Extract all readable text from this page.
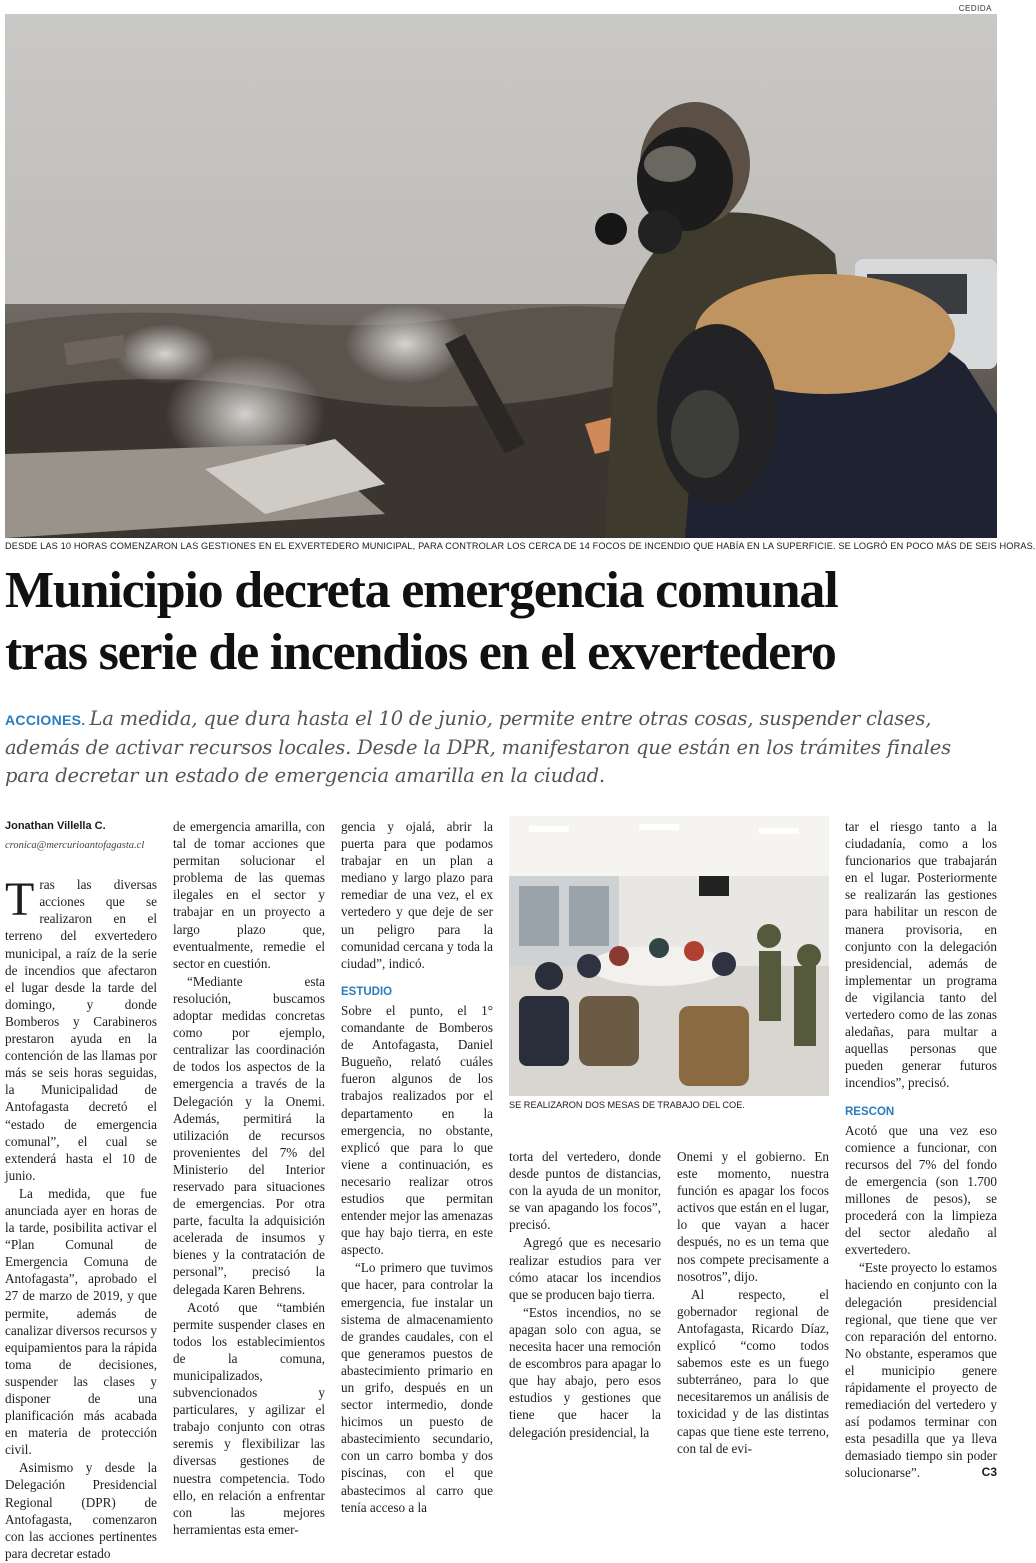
CEDIDA
DESDE LAS 10 HORAS COMENZARON LAS GESTIONES EN EL EXVERTEDERO MUNICIPAL, PARA CONTROLAR LOS CERCA DE 14 FOCOS DE INCENDIO QUE HABÍA EN LA SUPERFICIE. SE LOGRÓ EN POCO MÁS DE SEIS HORAS.
Municipio decreta emergencia comunal
tras serie de incendios en el exvertedero
ACCIONES. La medida, que dura hasta el 10 de junio, permite entre otras cosas, suspender clases, además de activar recursos locales. Desde la DPR, manifestaron que están en los trámites finales para decretar un estado de emergencia amarilla en la ciudad.
Jonathan Villella C.
cronica@mercurioantofagasta.cl

Tras las diversas acciones que se realizaron en el terreno del exvertedero municipal, a raíz de la serie de incendios que afectaron el lugar desde la tarde del domingo, y donde Bomberos y Carabineros prestaron ayuda en la contención de las llamas por más se seis horas seguidas, la Municipalidad de Antofagasta decretó el “estado de emergencia comunal”, el cual se extenderá hasta el 10 de junio.

La medida, que fue anunciada ayer en horas de la tarde, posibilita activar el “Plan Comunal de Emergencia Comuna de Antofagasta”, aprobado el 27 de marzo de 2019, y que permite, además de canalizar diversos recursos y equipamientos para la rápida toma de decisiones, suspender las clases y disponer de una planificación más acabada en materia de protección civil.

Asimismo y desde la Delegación Presidencial Regional (DPR) de Antofagasta, comenzaron con las acciones pertinentes para decretar estado

de emergencia amarilla, con tal de tomar acciones que permitan solucionar el problema de las quemas ilegales en el sector y trabajar en un proyecto a largo plazo que, eventualmente, remedie el sector en cuestión.

“Mediante esta resolución, buscamos adoptar medidas concretas como por ejemplo, centralizar las coordinación de todos los aspectos de la emergencia a través de la Delegación y la Onemi. Además, permitirá la utilización de recursos provenientes del 7% del Ministerio del Interior reservado para situaciones de emergencias. Por otra parte, faculta la adquisición acelerada de insumos y bienes y la contratación de personal”, precisó la delegada Karen Behrens.

Acotó que “también permite suspender clases en todos los establecimientos de la comuna, municipalizados, subvencionados y particulares, y agilizar el trabajo conjunto con otras seremis y flexibilizar las diversas gestiones de nuestra competencia. Todo ello, en relación a enfrentar con las mejores herramientas esta emer-

gencia y ojalá, abrir la puerta para que podamos trabajar en un plan a mediano y largo plazo para remediar de una vez, el ex vertedero y que deje de ser un peligro para la comunidad cercana y toda la ciudad”, indicó.

ESTUDIO

Sobre el punto, el 1° comandante de Bomberos de Antofagasta, Daniel Bugueño, relató cuáles fueron algunos de los trabajos realizados por el departamento en la emergencia, no obstante, explicó que para lo que viene a continuación, es necesario realizar otros estudios que permitan entender mejor las amenazas que hay bajo tierra, en este aspecto.

“Lo primero que tuvimos que hacer, para controlar la emergencia, fue instalar un sistema de almacenamiento de grandes caudales, con el que generamos puestos de abastecimiento primario en un grifo, después en un sector intermedio, donde hicimos un puesto de abastecimiento secundario, con un carro bomba y dos piscinas, con el que abastecimos al carro que tenía acceso a la

SE REALIZARON DOS MESAS DE TRABAJO DEL COE.

torta del vertedero, donde desde puntos de distancias, con la ayuda de un monitor, se van apagando los focos”, precisó.

Agregó que es necesario realizar estudios para ver cómo atacar los incendios que se producen bajo tierra.

“Estos incendios, no se apagan solo con agua, se necesita hacer una remoción de escombros para apagar lo que hay abajo, pero esos estudios y gestiones que tiene que hacer la delegación presidencial, la

Onemi y el gobierno. En este momento, nuestra función es apagar los focos activos que están en el lugar, lo que vayan a hacer después, no es un tema que nos compete precisamente a nosotros”, dijo.

Al respecto, el gobernador regional de Antofagasta, Ricardo Díaz, explicó “como todos sabemos este es un fuego subterráneo, para lo que necesitaremos un análisis de toxicidad y de las distintas capas que tiene este terreno, con tal de evi-

tar el riesgo tanto a la ciudadanía, como a los funcionarios que trabajarán en el lugar. Posteriormente se realizarán las gestiones para habilitar un rescon de manera provisoria, en conjunto con la delegación presidencial, además de implementar un programa de vigilancia tanto del vertedero como de las zonas aledañas, para multar a aquellas personas que pueden generar futuros incendios”, precisó.

RESCON

Acotó que una vez eso comience a funcionar, con recursos del 7% del fondo de emergencia (son 1.700 millones de pesos), se procederá con la limpieza del sector aledaño al exvertedero.

“Este proyecto lo estamos haciendo en conjunto con la delegación presidencial regional, que tiene que ver con reparación del entorno. No obstante, esperamos que el municipio genere rápidamente el proyecto de remediación del vertedero y así podamos terminar con esta pesadilla que ya lleva demasiado tiempo sin poder solucionarse”.	C3
